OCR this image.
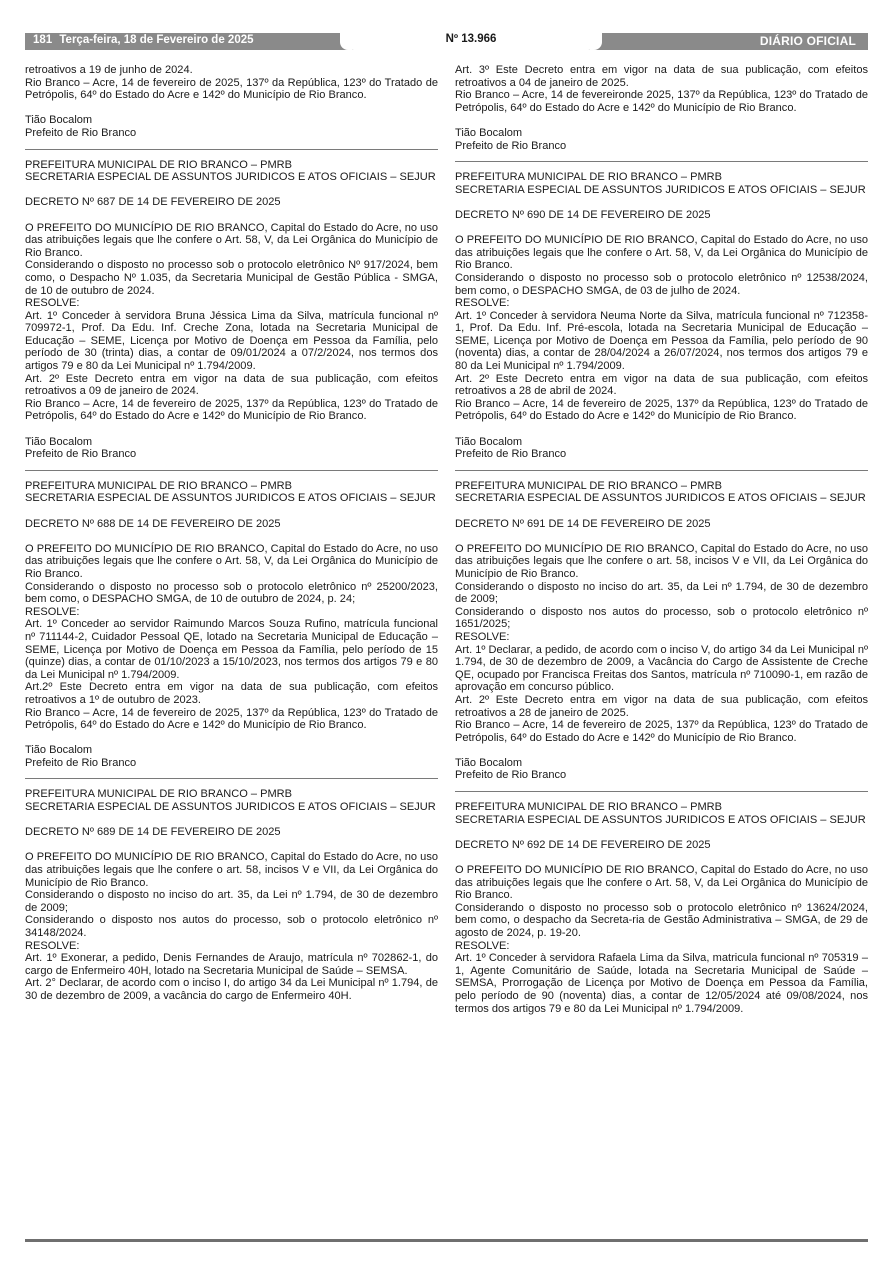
181 Terça-feira, 18 de Fevereiro de 2025	Nº 13.966	DIÁRIO OFICIAL

retroativos a 19 de junho de 2024.

Rio Branco – Acre, 14 de fevereiro de 2025, 137º da República, 123º do Tratado de Petrópolis, 64º do Estado do Acre e 142º do Município de Rio Branco.

Tião Bocalom

Prefeito de Rio Branco

PREFEITURA MUNICIPAL DE RIO BRANCO – PMRB

SECRETARIA ESPECIAL DE ASSUNTOS JURIDICOS E ATOS OFICIAIS – SEJUR

DECRETO Nº 687 DE 14 DE FEVEREIRO DE 2025

O PREFEITO DO MUNICÍPIO DE RIO BRANCO, Capital do Estado do Acre, no uso das atribuições legais que lhe confere o Art. 58, V, da Lei Orgânica do Município de Rio Branco.

Considerando o disposto no processo sob o protocolo eletrônico Nº 917/2024, bem como, o Despacho Nº 1.035, da Secretaria Municipal de Gestão Pública - SMGA, de 10 de outubro de 2024.

RESOLVE:

Art. 1º Conceder à servidora Bruna Jéssica Lima da Silva, matrícula funcional nº 709972-1, Prof. Da Edu. Inf. Creche Zona, lotada na Secretaria Municipal de Educação – SEME, Licença por Motivo de Doença em Pessoa da Família, pelo período de 30 (trinta) dias, a contar de 09/01/2024 a 07/2/2024, nos termos dos artigos 79 e 80 da Lei Municipal nº 1.794/2009.

Art. 2º Este Decreto entra em vigor na data de sua publicação, com efeitos retroativos a 09 de janeiro de 2024.

Rio Branco – Acre, 14 de fevereiro de 2025, 137º da República, 123º do Tratado de Petrópolis, 64º do Estado do Acre e 142º do Município de Rio Branco.

Tião Bocalom

Prefeito de Rio Branco

PREFEITURA MUNICIPAL DE RIO BRANCO – PMRB

SECRETARIA ESPECIAL DE ASSUNTOS JURIDICOS E ATOS OFICIAIS – SEJUR

DECRETO Nº 688 DE 14 DE FEVEREIRO DE 2025

O PREFEITO DO MUNICÍPIO DE RIO BRANCO, Capital do Estado do Acre, no uso das atribuições legais que lhe confere o Art. 58, V, da Lei Orgânica do Município de Rio Branco.

Considerando o disposto no processo sob o protocolo eletrônico nº 25200/2023, bem como, o DESPACHO SMGA, de 10 de outubro de 2024, p. 24;

RESOLVE:

Art. 1º Conceder ao servidor Raimundo Marcos Souza Rufino, matrícula funcional nº 711144-2, Cuidador Pessoal QE, lotado na Secretaria Municipal de Educação – SEME, Licença por Motivo de Doença em Pessoa da Família, pelo período de 15 (quinze) dias, a contar de 01/10/2023 a 15/10/2023, nos termos dos artigos 79 e 80 da Lei Municipal nº 1.794/2009.

Art.2º Este Decreto entra em vigor na data de sua publicação, com efeitos retroativos a 1º de outubro de 2023.

Rio Branco – Acre, 14 de fevereiro de 2025, 137º da República, 123º do Tratado de Petrópolis, 64º do Estado do Acre e 142º do Município de Rio Branco.

Tião Bocalom

Prefeito de Rio Branco

PREFEITURA MUNICIPAL DE RIO BRANCO – PMRB

SECRETARIA ESPECIAL DE ASSUNTOS JURIDICOS E ATOS OFICIAIS – SEJUR

DECRETO Nº 689 DE 14 DE FEVEREIRO DE 2025

O PREFEITO DO MUNICÍPIO DE RIO BRANCO, Capital do Estado do Acre, no uso das atribuições legais que lhe confere o art. 58, incisos V e VII, da Lei Orgânica do Município de Rio Branco.

Considerando o disposto no inciso do art. 35, da Lei nº 1.794, de 30 de dezembro de 2009;

Considerando o disposto nos autos do processo, sob o protocolo eletrônico nº 34148/2024.

RESOLVE:

Art. 1º Exonerar, a pedido, Denis Fernandes de Araujo, matrícula nº 702862-1, do cargo de Enfermeiro 40H, lotado na Secretaria Municipal de Saúde – SEMSA.

Art. 2° Declarar, de acordo com o inciso I, do artigo 34 da Lei Municipal nº 1.794, de 30 de dezembro de 2009, a vacância do cargo de Enfermeiro 40H.

Art. 3º Este Decreto entra em vigor na data de sua publicação, com efeitos retroativos a 04 de janeiro de 2025.

Rio Branco – Acre, 14 de fevereironde 2025, 137º da República, 123º do Tratado de Petrópolis, 64º do Estado do Acre e 142º do Município de Rio Branco.

Tião Bocalom

Prefeito de Rio Branco

PREFEITURA MUNICIPAL DE RIO BRANCO – PMRB

SECRETARIA ESPECIAL DE ASSUNTOS JURIDICOS E ATOS OFICIAIS – SEJUR

DECRETO Nº 690 DE 14 DE FEVEREIRO DE 2025

O PREFEITO DO MUNICÍPIO DE RIO BRANCO, Capital do Estado do Acre, no uso das atribuições legais que lhe confere o Art. 58, V, da Lei Orgânica do Município de Rio Branco.

Considerando o disposto no processo sob o protocolo eletrônico nº 12538/2024, bem como, o DESPACHO SMGA, de 03 de julho de 2024.

RESOLVE:

Art. 1º Conceder à servidora Neuma Norte da Silva, matrícula funcional nº 712358-1, Prof. Da Edu. Inf. Pré-escola, lotada na Secretaria Municipal de Educação – SEME, Licença por Motivo de Doença em Pessoa da Família, pelo período de 90 (noventa) dias, a contar de 28/04/2024 a 26/07/2024, nos termos dos artigos 79 e 80 da Lei Municipal nº 1.794/2009.

Art. 2º Este Decreto entra em vigor na data de sua publicação, com efeitos retroativos a 28 de abril de 2024.

Rio Branco – Acre, 14 de fevereiro de 2025, 137º da República, 123º do Tratado de Petrópolis, 64º do Estado do Acre e 142º do Município de Rio Branco.

Tião Bocalom

Prefeito de Rio Branco

PREFEITURA MUNICIPAL DE RIO BRANCO – PMRB

SECRETARIA ESPECIAL DE ASSUNTOS JURIDICOS E ATOS OFICIAIS – SEJUR

DECRETO Nº 691 DE 14 DE FEVEREIRO DE 2025

O PREFEITO DO MUNICÍPIO DE RIO BRANCO, Capital do Estado do Acre, no uso das atribuições legais que lhe confere o art. 58, incisos V e VII, da Lei Orgânica do Município de Rio Branco.

Considerando o disposto no inciso do art. 35, da Lei nº 1.794, de 30 de dezembro de 2009;

Considerando o disposto nos autos do processo, sob o protocolo eletrônico nº 1651/2025;

RESOLVE:

Art. 1º Declarar, a pedido, de acordo com o inciso V, do artigo 34 da Lei Municipal nº 1.794, de 30 de dezembro de 2009, a Vacância do Cargo de Assistente de Creche QE, ocupado por Francisca Freitas dos Santos, matrícula nº 710090-1, em razão de aprovação em concurso público.

Art. 2º Este Decreto entra em vigor na data de sua publicação, com efeitos retroativos a 28 de janeiro de 2025.

Rio Branco – Acre, 14 de fevereiro de 2025, 137º da República, 123º do Tratado de Petrópolis, 64º do Estado do Acre e 142º do Município de Rio Branco.

Tião Bocalom

Prefeito de Rio Branco

PREFEITURA MUNICIPAL DE RIO BRANCO – PMRB

SECRETARIA ESPECIAL DE ASSUNTOS JURIDICOS E ATOS OFICIAIS – SEJUR

DECRETO Nº 692 DE 14 DE FEVEREIRO DE 2025

O PREFEITO DO MUNICÍPIO DE RIO BRANCO, Capital do Estado do Acre, no uso das atribuições legais que lhe confere o Art. 58, V, da Lei Orgânica do Município de Rio Branco.

Considerando o disposto no processo sob o protocolo eletrônico nº 13624/2024, bem como, o despacho da Secreta-ria de Gestão Administrativa – SMGA, de 29 de agosto de 2024, p. 19-20.

RESOLVE:

Art. 1º Conceder à servidora Rafaela Lima da Silva, matricula funcional nº 705319 – 1, Agente Comunitário de Saúde, lotada na Secretaria Municipal de Saúde – SEMSA, Prorrogação de Licença por Motivo de Doença em Pessoa da Família, pelo período de 90 (noventa) dias, a contar de 12/05/2024 até 09/08/2024, nos termos dos artigos 79 e 80 da Lei Municipal nº 1.794/2009.
